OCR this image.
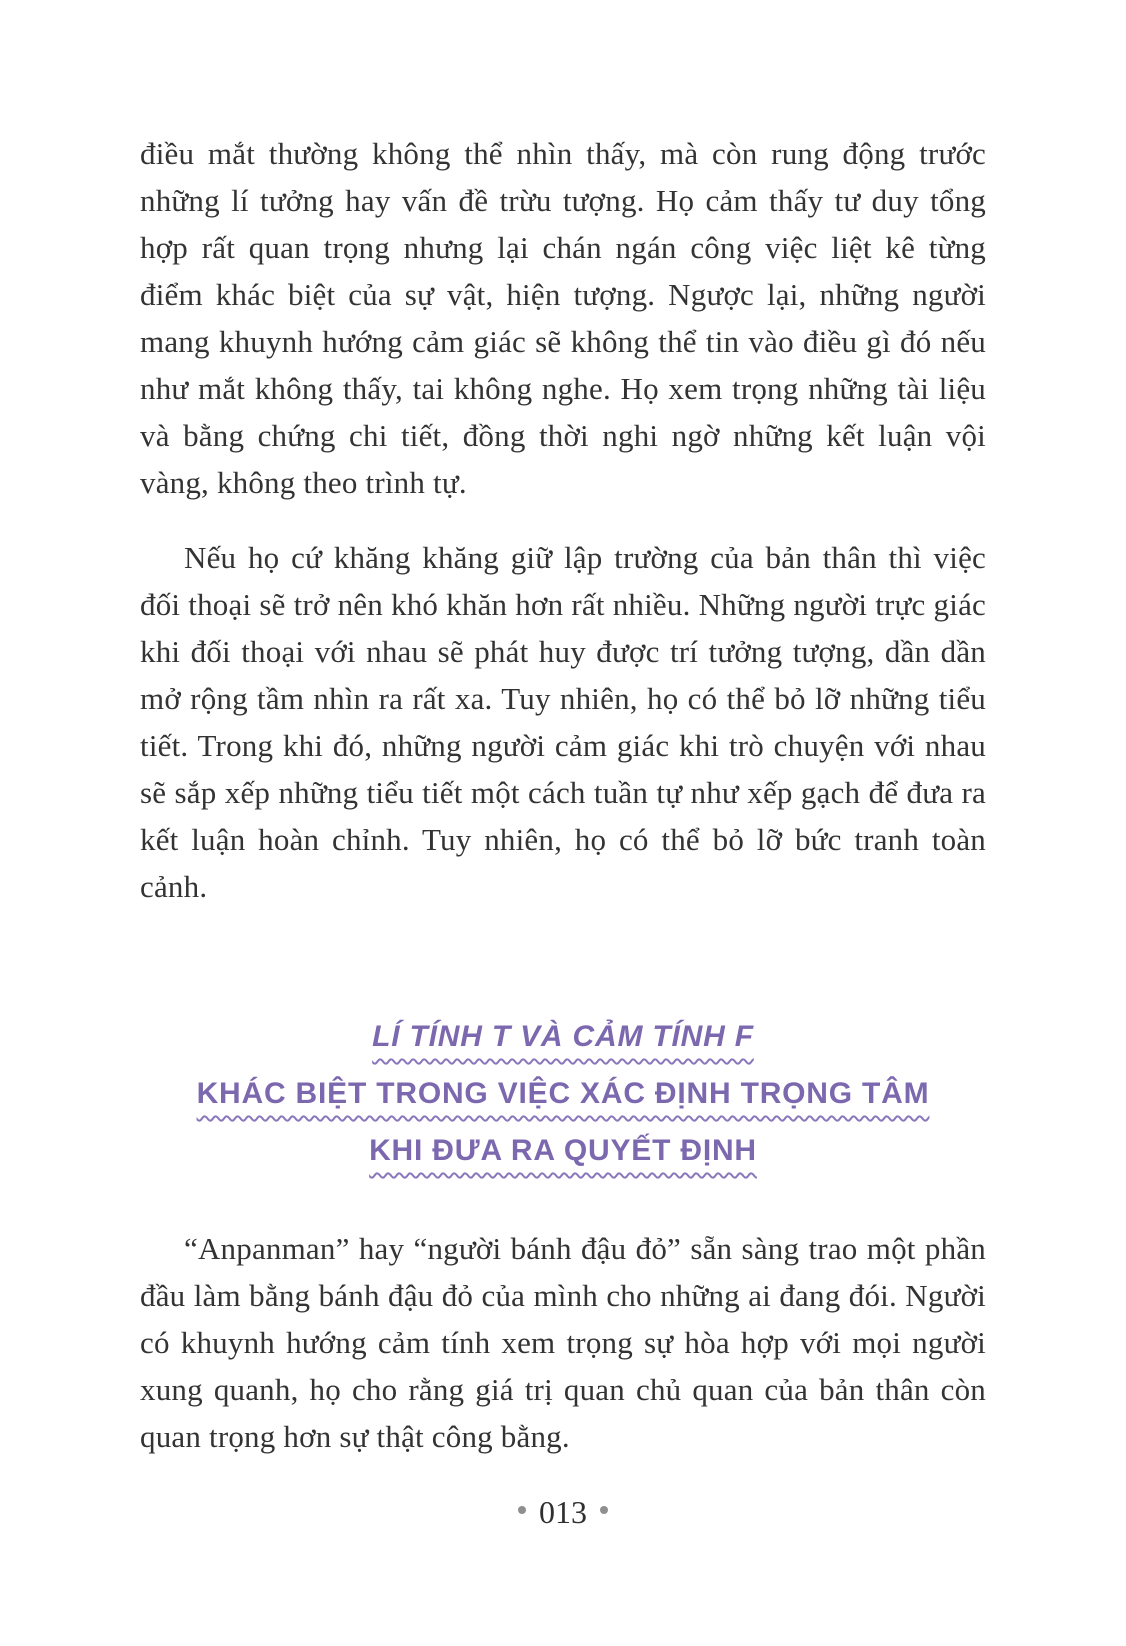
điều mắt thường không thể nhìn thấy, mà còn rung động trước những lí tưởng hay vấn đề trừu tượng. Họ cảm thấy tư duy tổng hợp rất quan trọng nhưng lại chán ngán công việc liệt kê từng điểm khác biệt của sự vật, hiện tượng. Ngược lại, những người mang khuynh hướng cảm giác sẽ không thể tin vào điều gì đó nếu như mắt không thấy, tai không nghe. Họ xem trọng những tài liệu và bằng chứng chi tiết, đồng thời nghi ngờ những kết luận vội vàng, không theo trình tự.

Nếu họ cứ khăng khăng giữ lập trường của bản thân thì việc đối thoại sẽ trở nên khó khăn hơn rất nhiều. Những người trực giác khi đối thoại với nhau sẽ phát huy được trí tưởng tượng, dần dần mở rộng tầm nhìn ra rất xa. Tuy nhiên, họ có thể bỏ lỡ những tiểu tiết. Trong khi đó, những người cảm giác khi trò chuyện với nhau sẽ sắp xếp những tiểu tiết một cách tuần tự như xếp gạch để đưa ra kết luận hoàn chỉnh. Tuy nhiên, họ có thể bỏ lỡ bức tranh toàn cảnh.

LÍ TÍNH T VÀ CẢM TÍNH F
KHÁC BIỆT TRONG VIỆC XÁC ĐỊNH TRỌNG TÂM
KHI ĐƯA RA QUYẾT ĐỊNH

“Anpanman” hay “người bánh đậu đỏ” sẵn sàng trao một phần đầu làm bằng bánh đậu đỏ của mình cho những ai đang đói. Người có khuynh hướng cảm tính xem trọng sự hòa hợp với mọi người xung quanh, họ cho rằng giá trị quan chủ quan của bản thân còn quan trọng hơn sự thật công bằng.

013
